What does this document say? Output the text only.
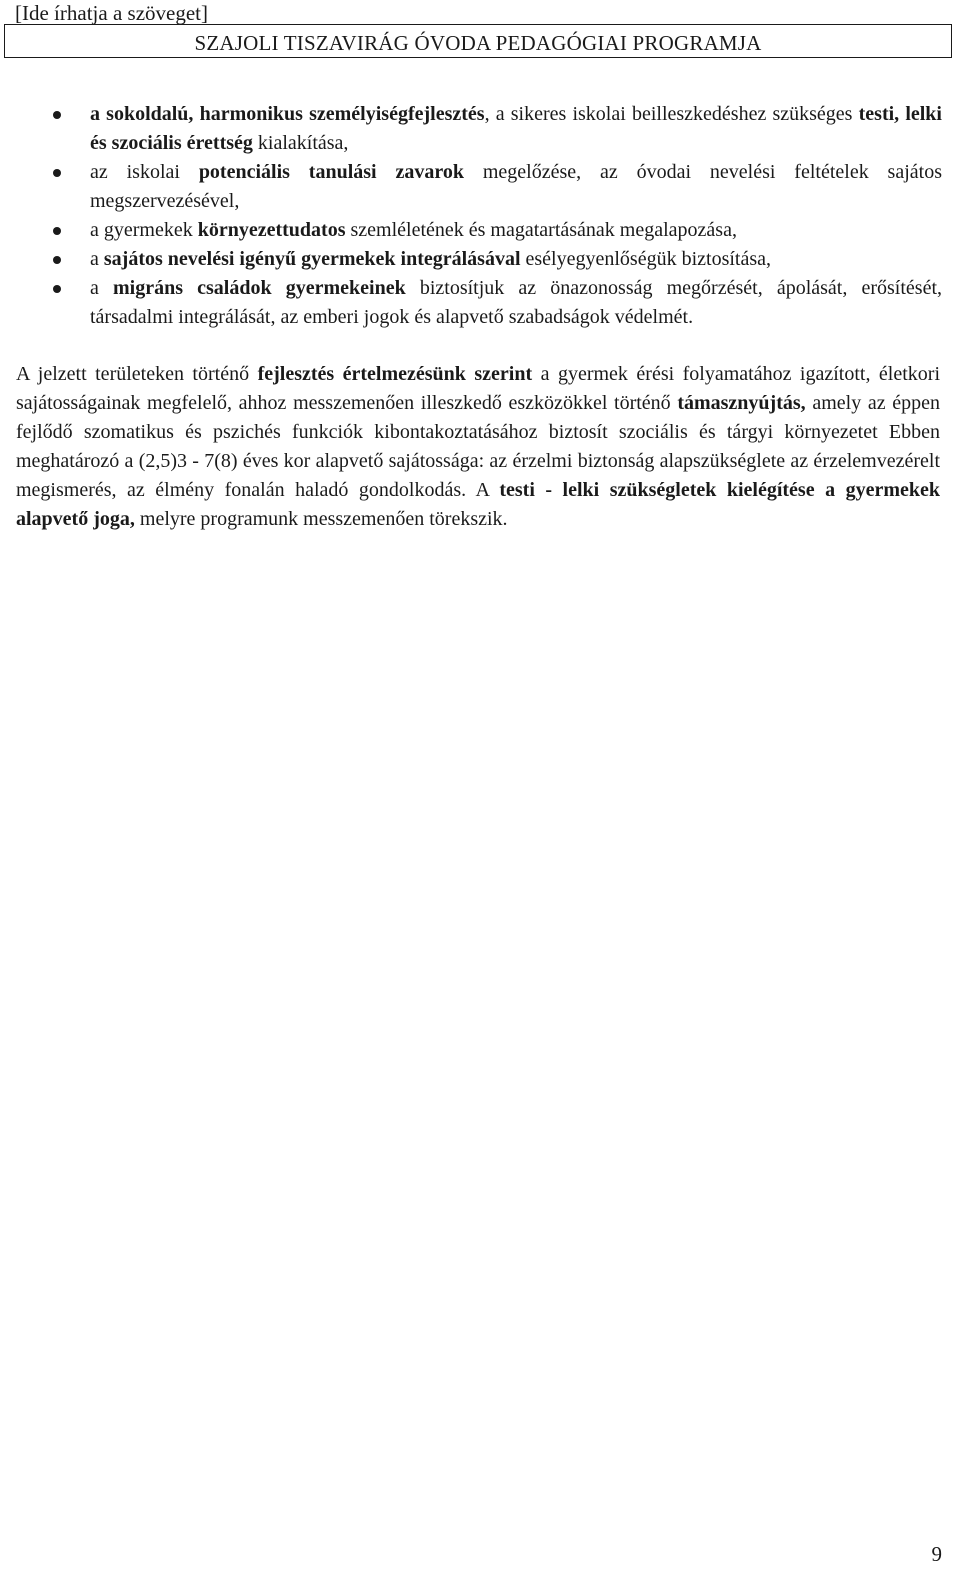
[Ide írhatja a szöveget]
SZAJOLI TISZAVIRÁG ÓVODA PEDAGÓGIAI PROGRAMJA
a sokoldalú, harmonikus személyiségfejlesztés, a sikeres iskolai beilleszkedéshez szükséges testi, lelki és szociális érettség kialakítása,
az iskolai potenciális tanulási zavarok megelőzése, az óvodai nevelési feltételek sajátos megszervezésével,
a gyermekek környezettudatos szemléletének és magatartásának megalapozása,
a sajátos nevelési igényű gyermekek integrálásával esélyegyenlőségük biztosítása,
a migráns családok gyermekeinek biztosítjuk az önazonosság megőrzését, ápolását, erősítését, társadalmi integrálását, az emberi jogok és alapvető szabadságok védelmét.

A jelzett területeken történő fejlesztés értelmezésünk szerint a gyermek érési folyamatához igazított, életkori sajátosságainak megfelelő, ahhoz messzemenően illeszkedő eszközökkel történő támasznyújtás, amely az éppen fejlődő szomatikus és pszichés funkciók kibontakoztatásához biztosít szociális és tárgyi környezetet Ebben meghatározó a (2,5)3 - 7(8) éves kor alapvető sajátossága: az érzelmi biztonság alapszükséglete az érzelemvezérelt megismerés, az élmény fonalán haladó gondolkodás. A testi - lelki szükségletek kielégítése a gyermekek alapvető joga, melyre programunk messzemenően törekszik.

9
